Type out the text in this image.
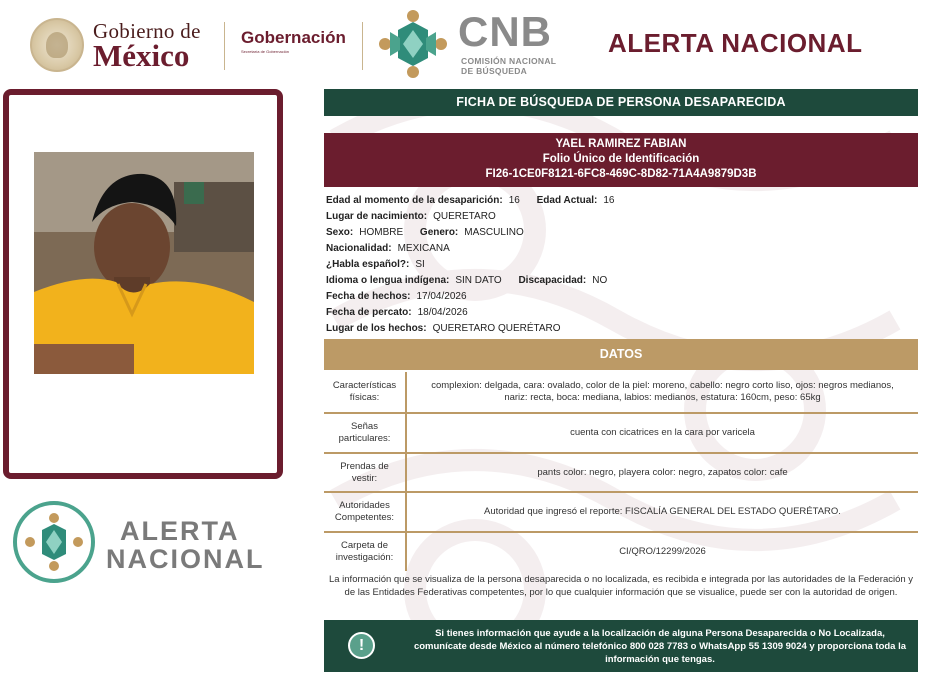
Gobierno de
México
Gobernación
Secretaría de Gobernación	CNB
COMISIÓN NACIONAL
DE BÚSQUEDA
ALERTA NACIONAL
ALERTA
NACIONAL
FICHA DE BÚSQUEDA DE PERSONA DESAPARECIDA
YAEL RAMIREZ FABIAN
Folio Único de Identificación
FI26-1CE0F8121-6FC8-469C-8D82-71A4A9879D3B
Edad al momento de la desaparición: 16 Edad Actual: 16
Lugar de nacimiento: QUERETARO
Sexo: HOMBRE Genero: MASCULINO
Nacionalidad: MEXICANA
¿Habla español?: SI
Idioma o lengua indígena: SIN DATO Discapacidad: NO
Fecha de hechos: 17/04/2026
Fecha de percato: 18/04/2026
Lugar de los hechos: QUERETARO QUERÉTARO
DATOS
Características físicas:
complexion: delgada, cara: ovalado, color de la piel: moreno, cabello: negro corto liso, ojos: negros medianos, nariz: recta, boca: mediana, labios: medianos, estatura: 160cm, peso: 65kg
Señas particulares:
cuenta con cicatrices en la cara por varicela
Prendas de vestir:
pants color: negro, playera color: negro, zapatos color: cafe
Autoridades Competentes:
Autoridad que ingresó el reporte: FISCALÍA GENERAL DEL ESTADO QUERÉTARO.
Carpeta de investigación:
CI/QRO/12299/2026
La información que se visualiza de la persona desaparecida o no localizada, es recibida e integrada por las autoridades de la Federación y de las Entidades Federativas competentes, por lo que cualquier información que se visualice, puede ser con la autoridad de origen.
!
Si tienes información que ayude a la localización de alguna Persona Desaparecida o No Localizada, comunícate desde México al número telefónico 800 028 7783 o WhatsApp 55 1309 9024 y proporciona toda la información que tengas.
